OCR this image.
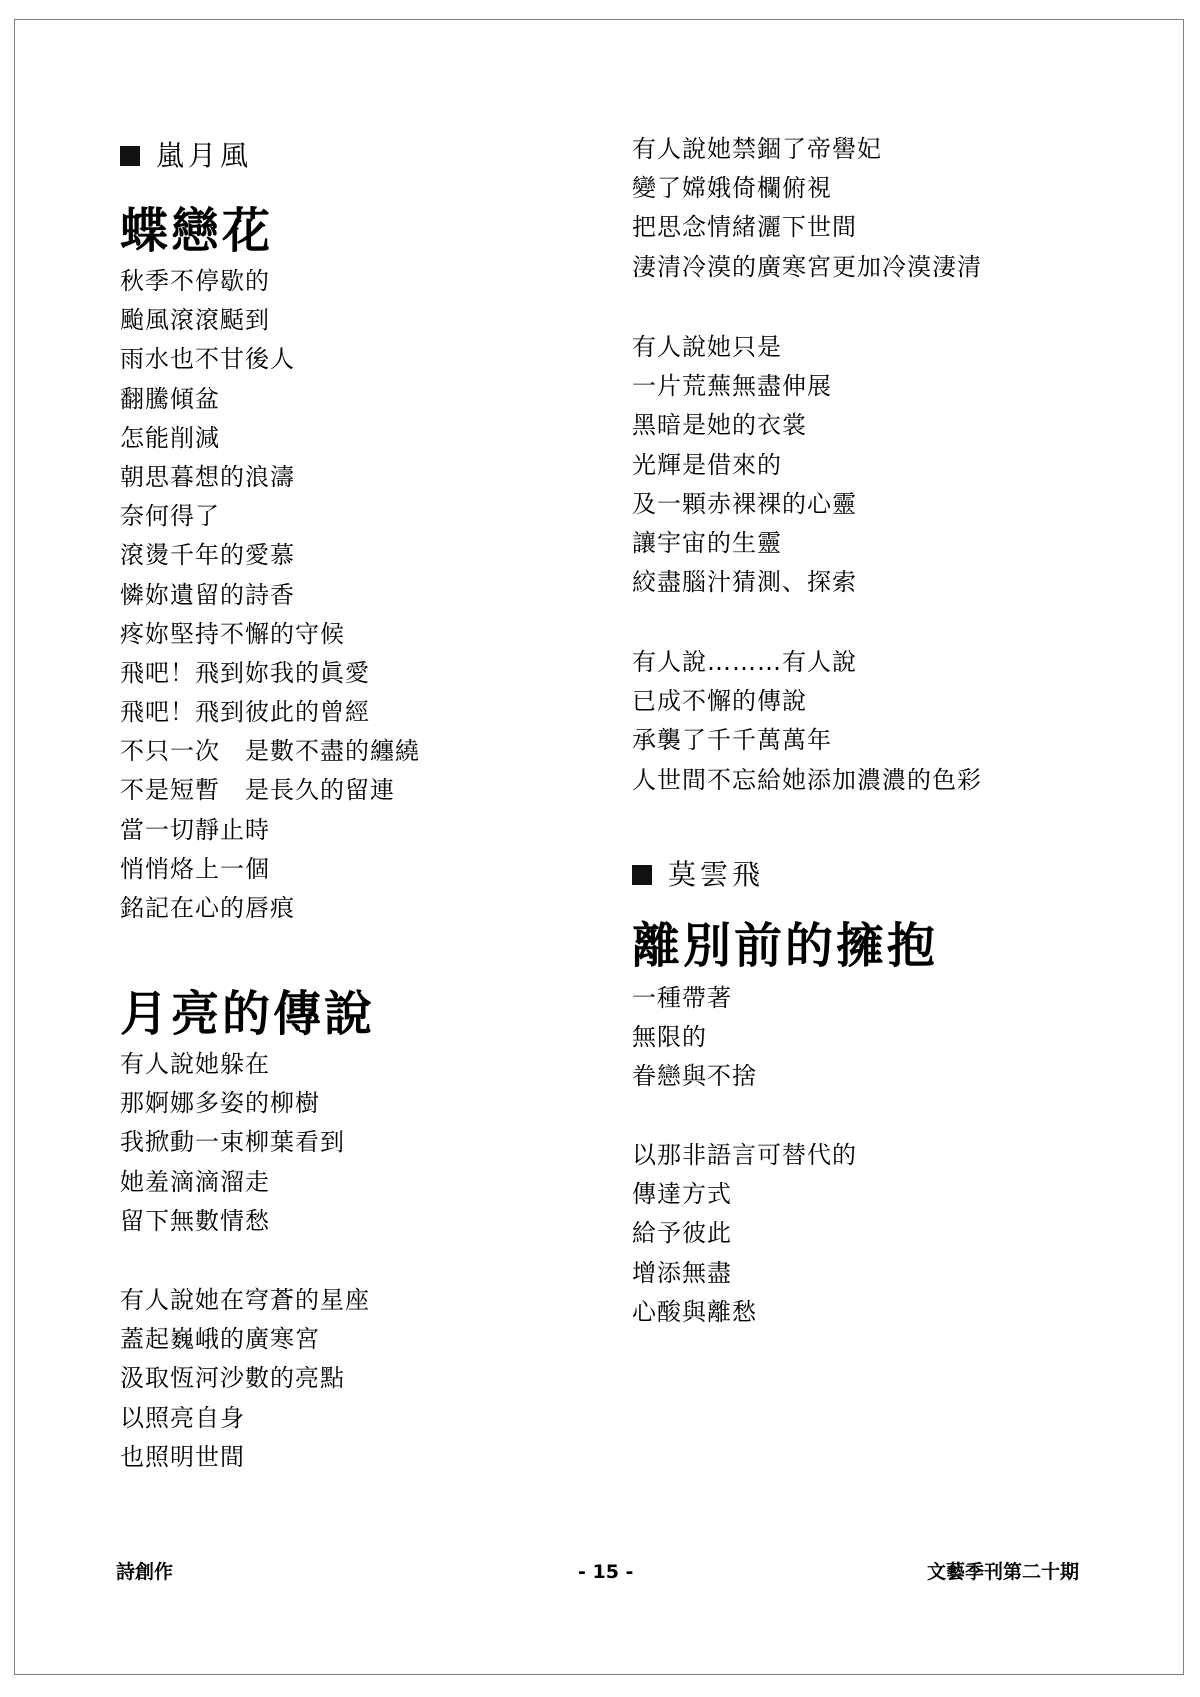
嵐月風
蝶戀花
秋季不停歇的
颱風滾滾颳到
雨水也不甘後人
翻騰傾盆
怎能削減
朝思暮想的浪濤
奈何得了
滾燙千年的愛慕
憐妳遺留的詩香
疼妳堅持不懈的守候
飛吧！飛到妳我的眞愛
飛吧！飛到彼此的曾經
不只一次　是數不盡的纏繞
不是短暫　是長久的留連
當一切靜止時
悄悄烙上一個
銘記在心的唇痕
月亮的傳說
有人說她躲在
那婀娜多姿的柳樹
我掀動一束柳葉看到
她羞滴滴溜走
留下無數情愁
有人說她在穹蒼的星座
蓋起巍峨的廣寒宮
汲取恆河沙數的亮點
以照亮自身
也照明世間
有人說她禁錮了帝嚳妃
變了嫦娥倚欄俯視
把思念情緒灑下世間
淒清冷漠的廣寒宮更加冷漠淒清
有人說她只是
一片荒蕪無盡伸展
黑暗是她的衣裳
光輝是借來的
及一顆赤裸裸的心靈
讓宇宙的生靈
絞盡腦汁猜測、探索
有人說………有人說
已成不懈的傳說
承襲了千千萬萬年
人世間不忘給她添加濃濃的色彩
莫雲飛
離別前的擁抱
一種帶著
無限的
眷戀與不捨
以那非語言可替代的
傳達方式
給予彼此
增添無盡
心酸與離愁
詩創作	- 15 -	文藝季刊第二十期
